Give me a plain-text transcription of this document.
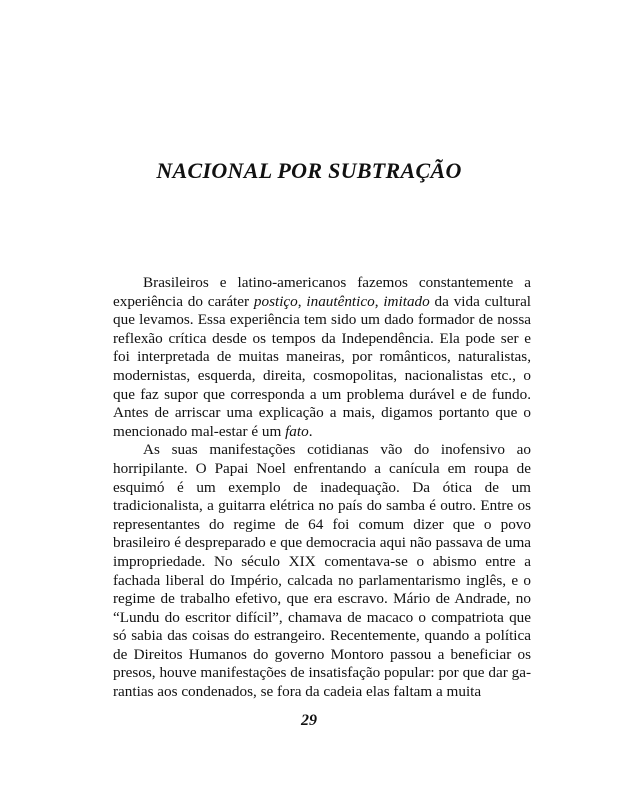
NACIONAL POR SUBTRAÇÃO

Brasileiros e latino-americanos fazemos constantemente a experiência do caráter postiço, inautêntico, imitado da vida cultural que levamos. Essa experiência tem sido um dado formador de nossa reflexão crítica desde os tempos da Independência. Ela pode ser e foi interpretada de muitas maneiras, por românticos, naturalistas, modernistas, esquerda, direita, cosmopolitas, nacionalistas etc., o que faz supor que corresponda a um problema durável e de fundo. Antes de arriscar uma explicação a mais, digamos portanto que o mencionado mal-estar é um fato.

As suas manifestações cotidianas vão do inofensivo ao horripilante. O Papai Noel enfrentando a canícula em roupa de esquimó é um exemplo de inadequação. Da ótica de um tradicionalista, a guitarra elétrica no país do samba é outro. Entre os representantes do regime de 64 foi comum dizer que o povo brasileiro é despreparado e que democracia aqui não passava de uma impropriedade. No século XIX comentava-se o abismo entre a fachada liberal do Império, calcada no parlamentarismo inglês, e o regime de trabalho efetivo, que era escravo. Mário de Andrade, no “Lundu do escritor difícil”, chamava de macaco o compatriota que só sabia das coisas do estrangeiro. Recentemente, quando a política de Direitos Humanos do governo Montoro passou a beneficiar os presos, houve manifestações de insatisfação popular: por que dar garantias aos condenados, se fora da cadeia elas faltam a muita

29
